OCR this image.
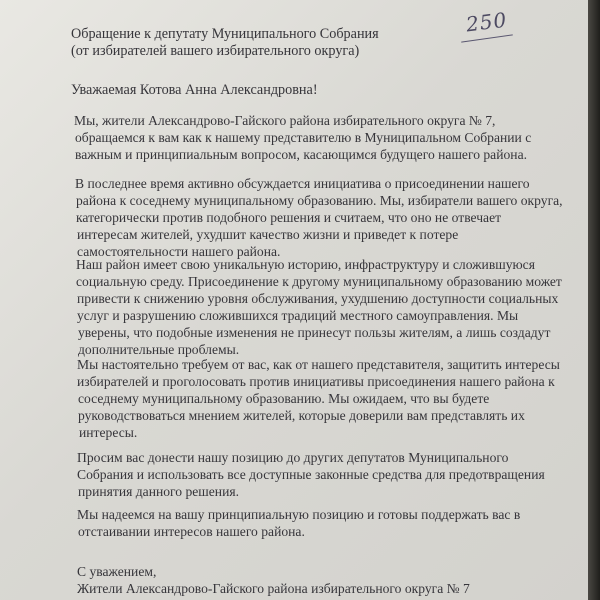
250
Обращение к депутату Муниципального Собрания
(от избирателей вашего избирательного округа)
Уважаемая Котова Анна Александровна!
Мы, жители Александрово-Гайского района избирательного округа № 7,
обращаемся к вам как к нашему представителю в Муниципальном Собрании с
важным и принципиальным вопросом, касающимся будущего нашего района.
В последнее время активно обсуждается инициатива о присоединении нашего
района к соседнему муниципальному образованию. Мы, избиратели вашего округа,
категорически против подобного решения и считаем, что оно не отвечает
интересам жителей, ухудшит качество жизни и приведет к потере
самостоятельности нашего района.
Наш район имеет свою уникальную историю, инфраструктуру и сложившуюся
социальную среду. Присоединение к другому муниципальному образованию может
привести к снижению уровня обслуживания, ухудшению доступности социальных
услуг и разрушению сложившихся традиций местного самоуправления. Мы
уверены, что подобные изменения не принесут пользы жителям, а лишь создадут
дополнительные проблемы.
Мы настоятельно требуем от вас, как от нашего представителя, защитить интересы
избирателей и проголосовать против инициативы присоединения нашего района к
соседнему муниципальному образованию. Мы ожидаем, что вы будете
руководствоваться мнением жителей, которые доверили вам представлять их
интересы.
Просим вас донести нашу позицию до других депутатов Муниципального
Собрания и использовать все доступные законные средства для предотвращения
принятия данного решения.
Мы надеемся на вашу принципиальную позицию и готовы поддержать вас в
отстаивании интересов нашего района.
С уважением,
Жители Александрово-Гайского района избирательного округа № 7
